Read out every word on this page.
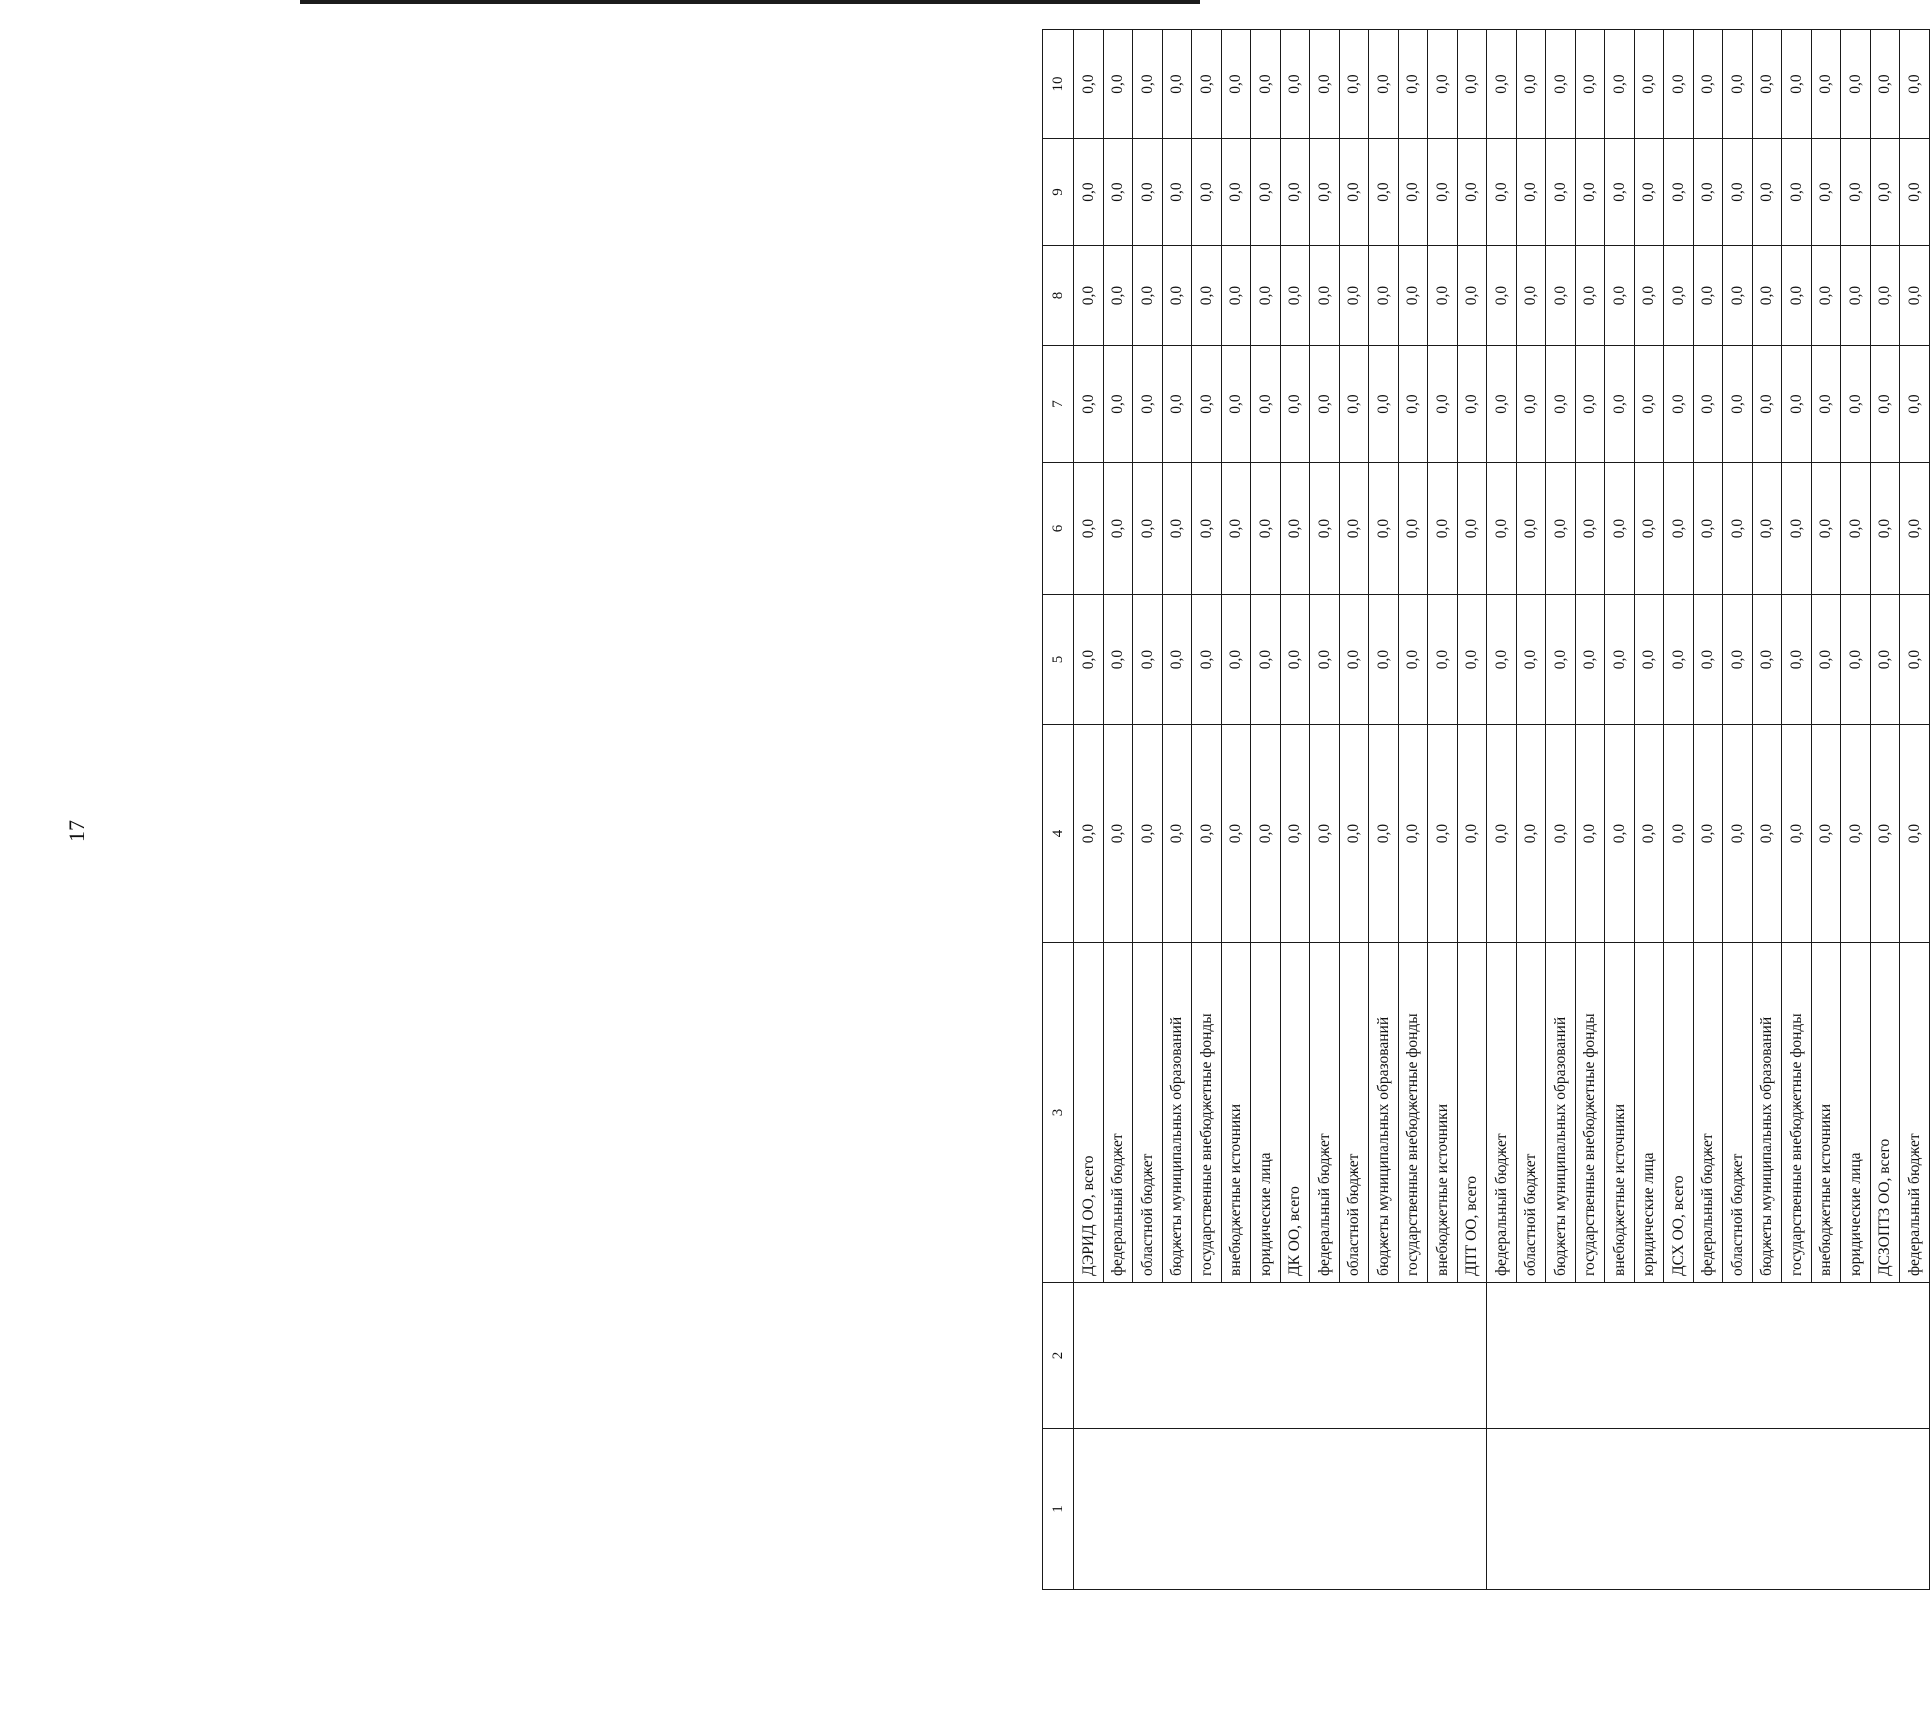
17
1	2	3	4	5	6	7	8	9	10
		ДЭРИД ОО, всего	0,0	0,0	0,0	0,0	0,0	0,0	0,0
		федеральный бюджет	0,0	0,0	0,0	0,0	0,0	0,0	0,0
		областной бюджет	0,0	0,0	0,0	0,0	0,0	0,0	0,0
		бюджеты муниципальных образований	0,0	0,0	0,0	0,0	0,0	0,0	0,0
		государственные внебюджетные фонды	0,0	0,0	0,0	0,0	0,0	0,0	0,0
		внебюджетные источники	0,0	0,0	0,0	0,0	0,0	0,0	0,0
		юридические лица	0,0	0,0	0,0	0,0	0,0	0,0	0,0
		ДК ОО, всего	0,0	0,0	0,0	0,0	0,0	0,0	0,0
		федеральный бюджет	0,0	0,0	0,0	0,0	0,0	0,0	0,0
		областной бюджет	0,0	0,0	0,0	0,0	0,0	0,0	0,0
		бюджеты муниципальных образований	0,0	0,0	0,0	0,0	0,0	0,0	0,0
		государственные внебюджетные фонды	0,0	0,0	0,0	0,0	0,0	0,0	0,0
		внебюджетные источники	0,0	0,0	0,0	0,0	0,0	0,0	0,0
		ДПТ ОО, всего	0,0	0,0	0,0	0,0	0,0	0,0	0,0
		федеральный бюджет	0,0	0,0	0,0	0,0	0,0	0,0	0,0
		областной бюджет	0,0	0,0	0,0	0,0	0,0	0,0	0,0
		бюджеты муниципальных образований	0,0	0,0	0,0	0,0	0,0	0,0	0,0
		государственные внебюджетные фонды	0,0	0,0	0,0	0,0	0,0	0,0	0,0
		внебюджетные источники	0,0	0,0	0,0	0,0	0,0	0,0	0,0
		юридические лица	0,0	0,0	0,0	0,0	0,0	0,0	0,0
		ДСХ ОО, всего	0,0	0,0	0,0	0,0	0,0	0,0	0,0
		федеральный бюджет	0,0	0,0	0,0	0,0	0,0	0,0	0,0
		областной бюджет	0,0	0,0	0,0	0,0	0,0	0,0	0,0
		бюджеты муниципальных образований	0,0	0,0	0,0	0,0	0,0	0,0	0,0
		государственные внебюджетные фонды	0,0	0,0	0,0	0,0	0,0	0,0	0,0
		внебюджетные источники	0,0	0,0	0,0	0,0	0,0	0,0	0,0
		юридические лица	0,0	0,0	0,0	0,0	0,0	0,0	0,0
		ДСЗОПТЗ ОО, всего	0,0	0,0	0,0	0,0	0,0	0,0	0,0
		федеральный бюджет	0,0	0,0	0,0	0,0	0,0	0,0	0,0
